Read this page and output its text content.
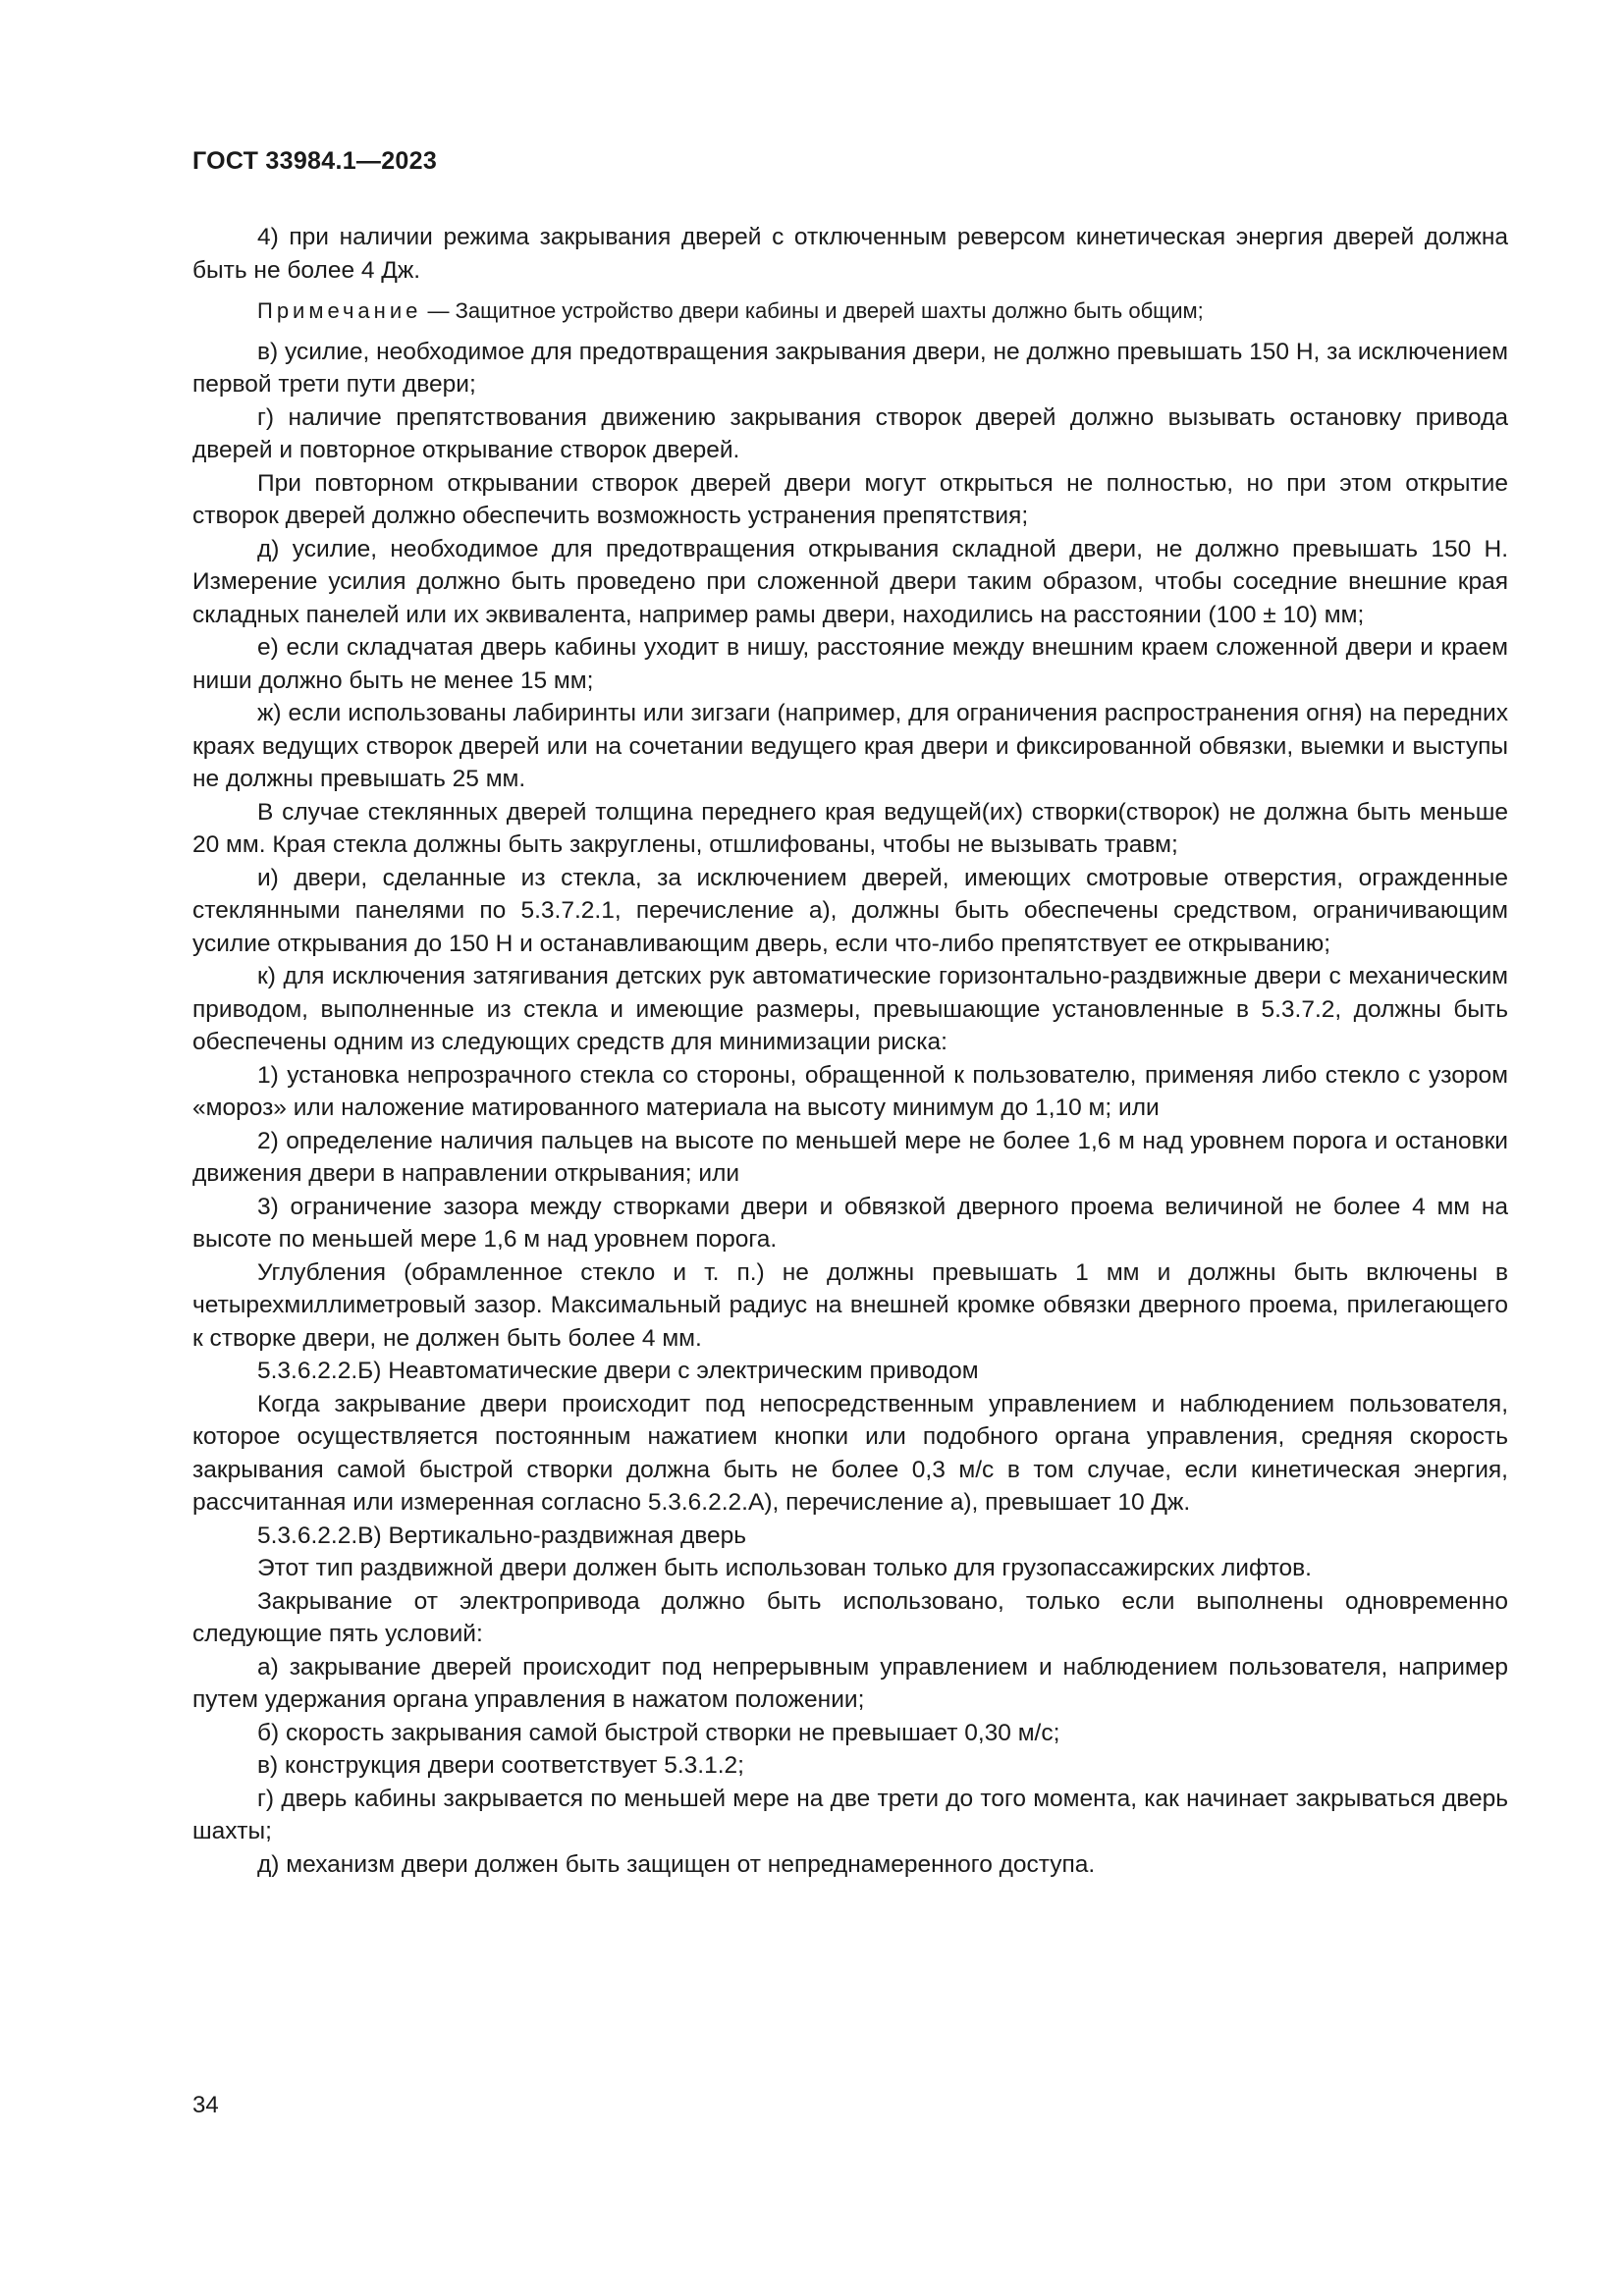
ГОСТ 33984.1—2023

4) при наличии режима закрывания дверей с отключенным реверсом кинетическая энергия дверей должна быть не более 4 Дж.

Примечание — Защитное устройство двери кабины и дверей шахты должно быть общим;

в) усилие, необходимое для предотвращения закрывания двери, не должно превышать 150 Н, за исключением первой трети пути двери;

г) наличие препятствования движению закрывания створок дверей должно вызывать остановку привода дверей и повторное открывание створок дверей.

При повторном открывании створок дверей двери могут открыться не полностью, но при этом открытие створок дверей должно обеспечить возможность устранения препятствия;

д) усилие, необходимое для предотвращения открывания складной двери, не должно превышать 150 Н. Измерение усилия должно быть проведено при сложенной двери таким образом, чтобы соседние внешние края складных панелей или их эквивалента, например рамы двери, находились на расстоянии (100 ± 10) мм;

е) если складчатая дверь кабины уходит в нишу, расстояние между внешним краем сложенной двери и краем ниши должно быть не менее 15 мм;

ж) если использованы лабиринты или зигзаги (например, для ограничения распространения огня) на передних краях ведущих створок дверей или на сочетании ведущего края двери и фиксированной обвязки, выемки и выступы не должны превышать 25 мм.

В случае стеклянных дверей толщина переднего края ведущей(их) створки(створок) не должна быть меньше 20 мм. Края стекла должны быть закруглены, отшлифованы, чтобы не вызывать травм;

и) двери, сделанные из стекла, за исключением дверей, имеющих смотровые отверстия, огражденные стеклянными панелями по 5.3.7.2.1, перечисление а), должны быть обеспечены средством, ограничивающим усилие открывания до 150 Н и останавливающим дверь, если что-либо препятствует ее открыванию;

к) для исключения затягивания детских рук автоматические горизонтально-раздвижные двери с механическим приводом, выполненные из стекла и имеющие размеры, превышающие установленные в 5.3.7.2, должны быть обеспечены одним из следующих средств для минимизации риска:

1) установка непрозрачного стекла со стороны, обращенной к пользователю, применяя либо стекло с узором «мороз» или наложение матированного материала на высоту минимум до 1,10 м; или

2) определение наличия пальцев на высоте по меньшей мере не более 1,6 м над уровнем порога и остановки движения двери в направлении открывания; или

3) ограничение зазора между створками двери и обвязкой дверного проема величиной не более 4 мм на высоте по меньшей мере 1,6 м над уровнем порога.

Углубления (обрамленное стекло и т. п.) не должны превышать 1 мм и должны быть включены в четырехмиллиметровый зазор. Максимальный радиус на внешней кромке обвязки дверного проема, прилегающего к створке двери, не должен быть более 4 мм.

5.3.6.2.2.Б) Неавтоматические двери с электрическим приводом

Когда закрывание двери происходит под непосредственным управлением и наблюдением пользователя, которое осуществляется постоянным нажатием кнопки или подобного органа управления, средняя скорость закрывания самой быстрой створки должна быть не более 0,3 м/с в том случае, если кинетическая энергия, рассчитанная или измеренная согласно 5.3.6.2.2.А), перечисление а), превышает 10 Дж.

5.3.6.2.2.В) Вертикально-раздвижная дверь

Этот тип раздвижной двери должен быть использован только для грузопассажирских лифтов.

Закрывание от электропривода должно быть использовано, только если выполнены одновременно следующие пять условий:

а) закрывание дверей происходит под непрерывным управлением и наблюдением пользователя, например путем удержания органа управления в нажатом положении;

б) скорость закрывания самой быстрой створки не превышает 0,30 м/с;

в) конструкция двери соответствует 5.3.1.2;

г) дверь кабины закрывается по меньшей мере на две трети до того момента, как начинает закрываться дверь шахты;

д) механизм двери должен быть защищен от непреднамеренного доступа.

34
